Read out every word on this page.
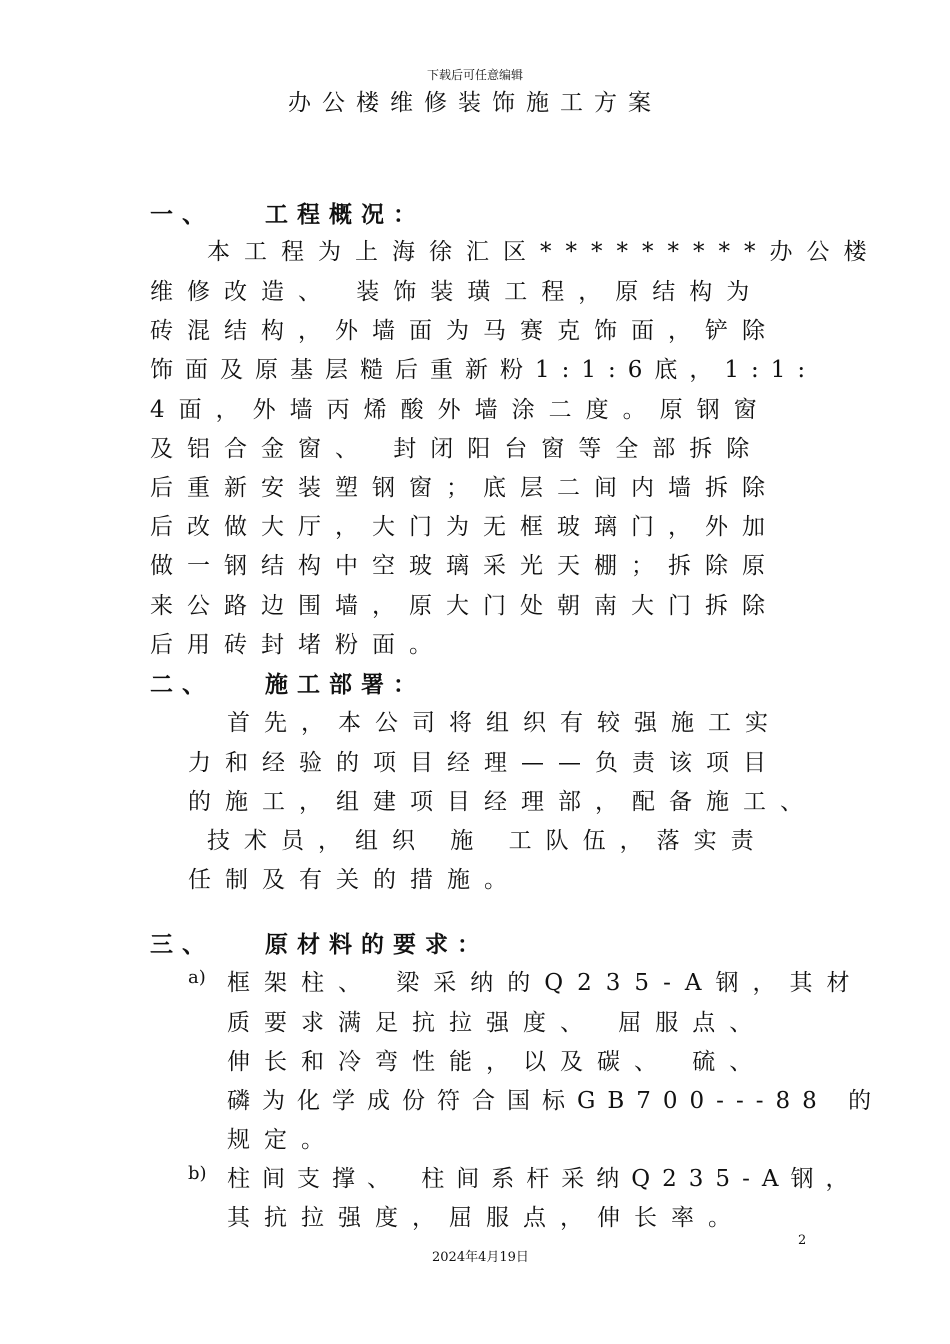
下载后可任意编辑
办公楼维修装饰施工方案
一、 工程概况：
本工程为上海徐汇区*********办公楼
维修改造、 装饰装璜工程，原结构为
砖混结构，外墙面为马赛克饰面，铲除
饰面及原基层糙后重新粉1:1:6底，1:1:
4面，外墙丙烯酸外墙涂二度。原钢窗
及铝合金窗、 封闭阳台窗等全部拆除
后重新安装塑钢窗；底层二间内墙拆除
后改做大厅，大门为无框玻璃门，外加
做一钢结构中空玻璃采光天棚；拆除原
来公路边围墙，原大门处朝南大门拆除
后用砖封堵粉面。
二、 施工部署：
首先，本公司将组织有较强施工实
力和经验的项目经理——负责该项目
的施工，组建项目经理部，配备施工、
技术员，组织 施 工队伍，落实责
任制及有关的措施。
三、 原材料的要求：
a) 框架柱、 梁采纳的Q235-A钢，其材
质要求满足抗拉强度、 屈服点、
伸长和冷弯性能，以及碳、 硫、
磷为化学成份符合国标GB700---88 的
规定。
b) 柱间支撑、 柱间系杆采纳Q235-A钢，
其抗拉强度，屈服点，伸长率。
2
2024年4月19日
